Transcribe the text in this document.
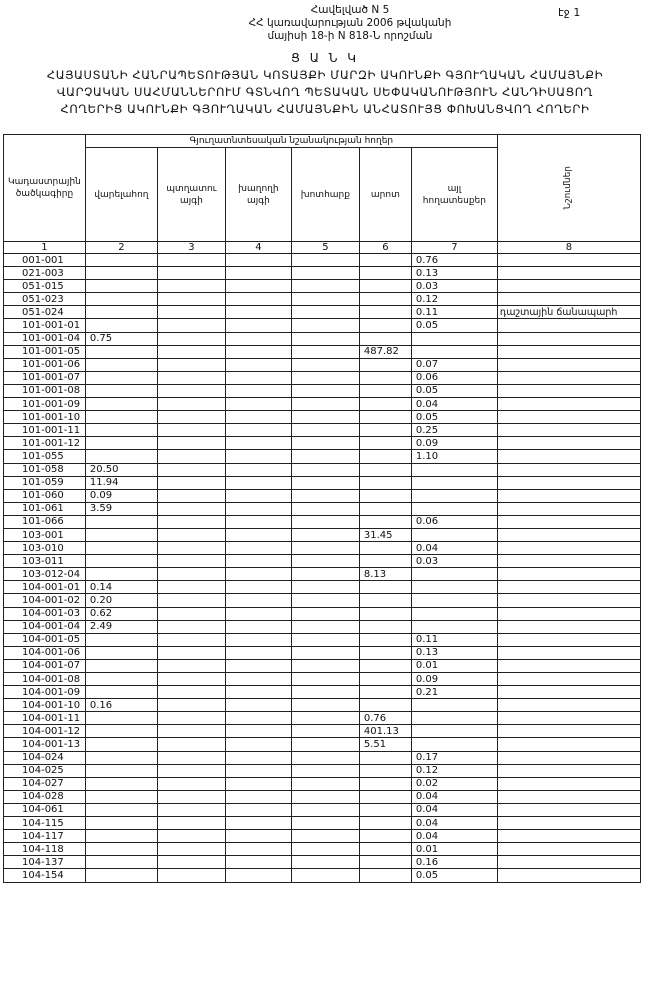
Հավելված N 5
ՀՀ կառավարության 2006 թվականի
մայիսի 18-ի N 818-Ն որոշման
էջ 1
Ց Ա Ն Կ
ՀԱՅԱՍՏԱՆԻ ՀԱՆՐԱՊԵՏՈՒԹՅԱՆ ԿՈՏԱՅՔԻ ՄԱՐԶԻ ԱԿՈՒՆՔԻ ԳՅՈՒՂԱԿԱՆ ՀԱՄԱՅՆՔԻ
ՎԱՐՉԱԿԱՆ ՍԱՀՄԱՆՆԵՐՈՒՄ ԳՏՆՎՈՂ ՊԵՏԱԿԱՆ ՍԵՓԱԿԱՆՈՒԹՅՈՒՆ ՀԱՆԴԻՍԱՑՈՂ
ՀՈՂԵՐԻՑ ԱԿՈՒՆՔԻ ԳՅՈՒՂԱԿԱՆ ՀԱՄԱՅՆՔԻՆ ԱՆՀԱՏՈՒՅՑ ՓՈԽԱՆՑՎՈՂ ՀՈՂԵՐԻ
Կադաստրային ծածկագիրը	Գյուղատնտեսական նշանակության հողեր						Նշումներ

	վարելահող	պտղատու այգի	խաղողի այգի	խոտհարք	արոտ	այլ հողատեսքեր	
1	2	3	4	5	6	7	8
001-001						0.76	
021-003						0.13	
051-015						0.03	
051-023						0.12	
051-024						0.11	դաշտային ճանապարհ
101-001-01						0.05	
101-001-04	0.75						
101-001-05					487.82		
101-001-06						0.07	
101-001-07						0.06	
101-001-08						0.05	
101-001-09						0.04	
101-001-10						0.05	
101-001-11						0.25	
101-001-12						0.09	
101-055						1.10	
101-058	20.50						
101-059	11.94						
101-060	0.09						
101-061	3.59						
101-066						0.06	
103-001					31.45		
103-010						0.04	
103-011						0.03	
103-012-04					8.13		
104-001-01	0.14						
104-001-02	0.20						
104-001-03	0.62						
104-001-04	2.49						
104-001-05						0.11	
104-001-06						0.13	
104-001-07						0.01	
104-001-08						0.09	
104-001-09						0.21	
104-001-10	0.16						
104-001-11					0.76		
104-001-12					401.13		
104-001-13					5.51		
104-024						0.17	
104-025						0.12	
104-027						0.02	
104-028						0.04	
104-061						0.04	
104-115						0.04	
104-117						0.04	
104-118						0.01	
104-137						0.16	
104-154						0.05	
